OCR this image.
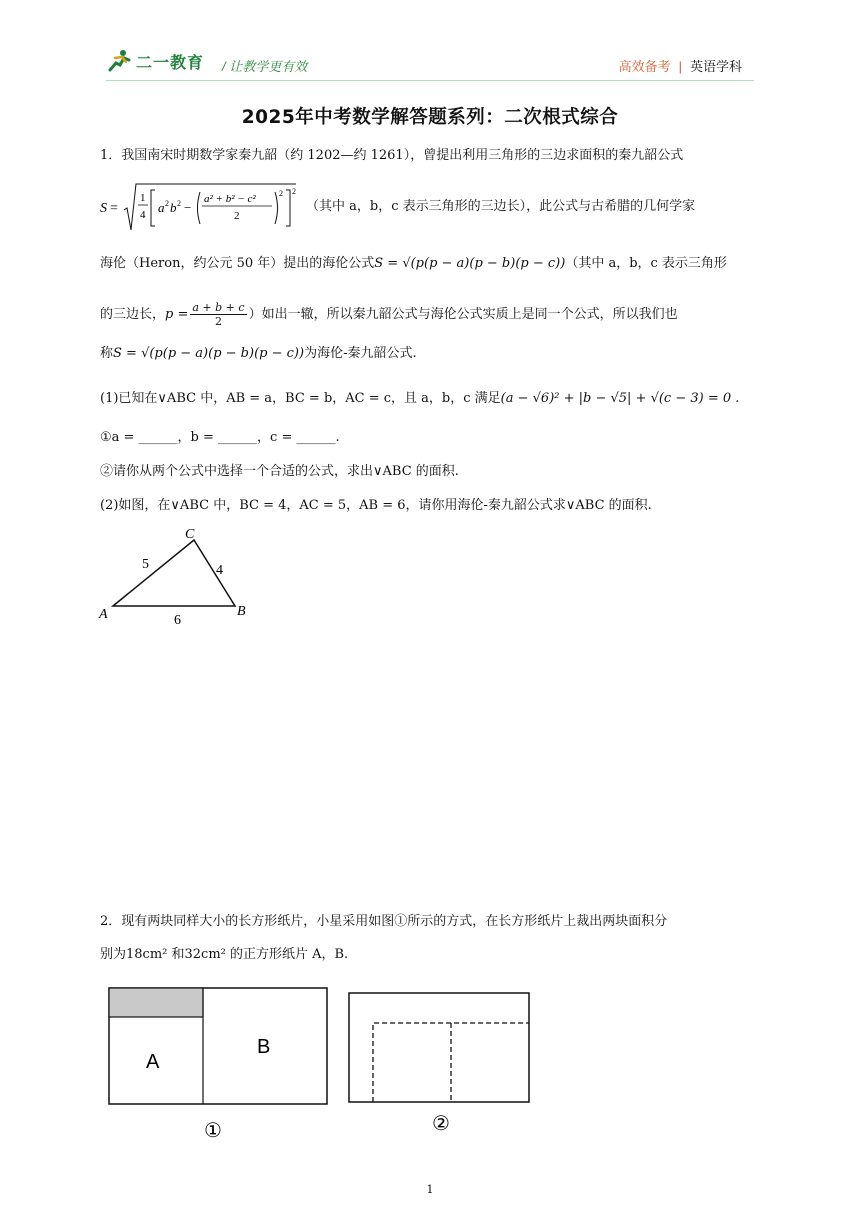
二一教育 / 让教学更有效	高效备考 | 英语学科
2025年中考数学解答题系列：二次根式综合
1．我国南宋时期数学家秦九韶（约 1202—约 1261），曾提出利用三角形的三边求面积的秦九韶公式
S =
1
4 a 2 b 2 −
a² + b² − c²
2
2 2
（其中 a，b，c 表示三角形的三边长），此公式与古希腊的几何学家
海伦（Heron，约公元 50 年）提出的海伦公式S = √(p(p − a)(p − b)(p − c))（其中 a，b，c 表示三角形
的三边长，$p = \frac{a + b + c}{2}$ ）如出一辙，所以秦九韶公式与海伦公式实质上是同一个公式，所以我们也
称S = √(p(p − a)(p − b)(p − c))为海伦-秦九韶公式.
(1)已知在∨ABC 中，AB = a，BC = b，AC = c，且 a，b，c 满足(a − √6)² + |b − √5| + √(c − 3) = 0 .
①a = ______，b = ______，c = ______.
②请你从两个公式中选择一个合适的公式，求出∨ABC 的面积.
(2)如图，在∨ABC 中，BC = 4，AC = 5，AB = 6，请你用海伦-秦九韶公式求∨ABC 的面积.
A	B
C
5	4
6
2．现有两块同样大小的长方形纸片，小星采用如图①所示的方式，在长方形纸片上裁出两块面积分
别为18cm² 和32cm² 的正方形纸片 A，B.
A
B
①	②
1
